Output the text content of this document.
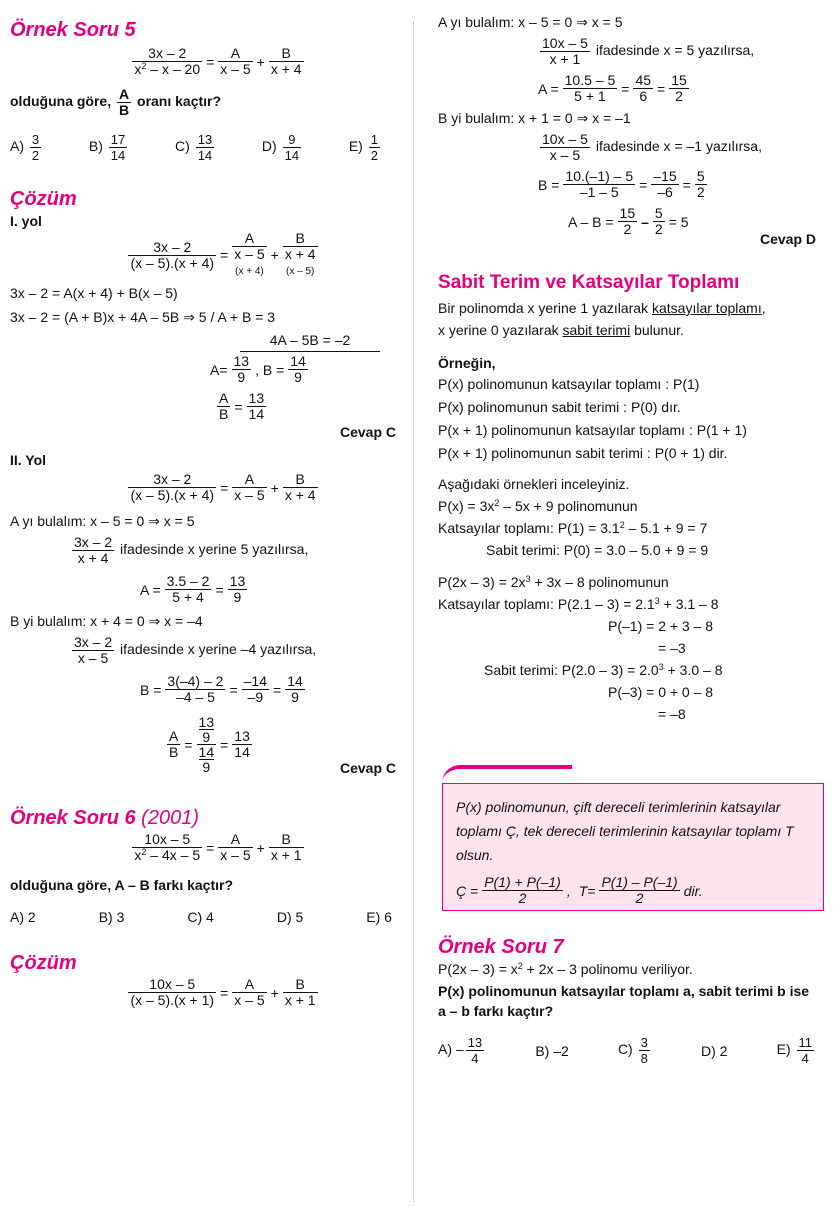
Örnek Soru 5
$\frac{3x - 2}{x^2 - x - 20} = \frac{A}{x - 5} + \frac{B}{x + 4}$
olduğuna göre, $\frac{A}{B}$ oranı kaçtır?
$A) \frac{3}{2}$	$B) \frac{17}{14}$	$C) \frac{13}{14}$	$D) \frac{9}{14}$	$E) \frac{1}{2}$
Çözüm
I. yol
$\frac{3x - 2}{(x - 5).(x + 4)}$ =
A
x – 5
(x + 4)
+
B
x + 4
(x – 5)
3x – 2 = A(x + 4) + B(x – 5)
3x – 2 = (A + B)x + 4A – 5B ⇒ 5 / A + B = 3
4A – 5B = –2
$A= \frac{13}{9}$ , $B = \frac{14}{9}$
$\frac{A}{B} = \frac{13}{14}$
Cevap C
II. Yol
$\frac{3x - 2}{(x - 5).(x + 4)} = \frac{A}{x - 5} + \frac{B}{x + 4}$
A yı bulalım: x – 5 = 0 ⇒ x = 5
$\frac{3x - 2}{x + 4}$ ifadesinde x yerine 5 yazılırsa,
$A = \frac{3.5 - 2}{5 + 4} = \frac{13}{9}$
B yi bulalım: x + 4 = 0 ⇒ x = –4
$\frac{3x - 2}{x - 5}$ ifadesinde x yerine –4 yazılırsa,
$B = \frac{3(-4) - 2}{-4 - 5} = \frac{-14}{-9} = \frac{14}{9}$
$\frac{A}{B} = 13$
9
14
$9 = \frac{13}{14}$
Cevap C
Örnek Soru 6 (2001)
$\frac{10x - 5}{x^2 - 4x - 5} = \frac{A}{x - 5} + \frac{B}{x + 1}$
olduğuna göre, A – B farkı kaçtır?
A) 2	B) 3	C) 4	D) 5	E) 6
Çözüm
$\frac{10x - 5}{(x - 5).(x + 1)} = \frac{A}{x - 5} + \frac{B}{x + 1}$
A yı bulalım: x – 5 = 0 ⇒ x = 5
$\frac{10x - 5}{x + 1}$ ifadesinde x = 5 yazılırsa,
$A = \frac{10.5 - 5}{5 + 1} = \frac{45}{6} = \frac{15}{2}$
B yi bulalım: x + 1 = 0 ⇒ x = –1
$\frac{10x - 5}{x - 5}$ ifadesinde x = –1 yazılırsa,
$B = \frac{10.(-1) - 5}{-1 - 5} = \frac{-15}{-6} = \frac{5}{2}$
$A - B = \frac{15}{2} - \frac{5}{2} = 5$
Cevap D
Sabit Terim ve Katsayılar Toplamı
Bir polinomda x yerine 1 yazılarak katsayılar toplamı,
x yerine 0 yazılarak sabit terimi bulunur.
Örneğin,
P(x) polinomunun katsayılar toplamı : P(1)
P(x) polinomunun sabit terimi : P(0) dır.
P(x + 1) polinomunun katsayılar toplamı : P(1 + 1)
P(x + 1) polinomunun sabit terimi : P(0 + 1) dir.
Aşağıdaki örnekleri inceleyiniz.
$P(x) = 3x^2 - 5x + 9$ polinomunun
Katsayılar toplamı: $P(1) = 3.1^2 - 5.1 + 9 = 7$
Sabit terimi: P(0) = 3.0 – 5.0 + 9 = 9
$P(2x - 3) = 2x^3 + 3x - 8$ polinomunun
Katsayılar toplamı: $P(2.1 - 3) = 2.1^3 + 3.1 - 8$
P(–1) = 2 + 3 – 8
= –3
Sabit terimi: $P(2.0 - 3) = 2.0^3 + 3.0 - 8$
P(–3) = 0 + 0 – 8
= –8
P(x) polinomunun, çift dereceli terimlerinin katsayılar toplamı Ç, tek dereceli terimlerinin katsayılar toplamı T olsun.
Ç = $\frac{P(1) + P(-1)}{2}$ , $T= \frac{P(1) - P(-1)}{2}$ dir.
Örnek Soru 7
$P(2x - 3) = x^2 + 2x - 3$ polinomu veriliyor.
P(x) polinomunun katsayılar toplamı a, sabit terimi b ise a – b farkı kaçtır?
$A) - \frac{13}{4}$	B) –2	$C) \frac{3}{8}$	D) 2	$E) \frac{11}{4}$
